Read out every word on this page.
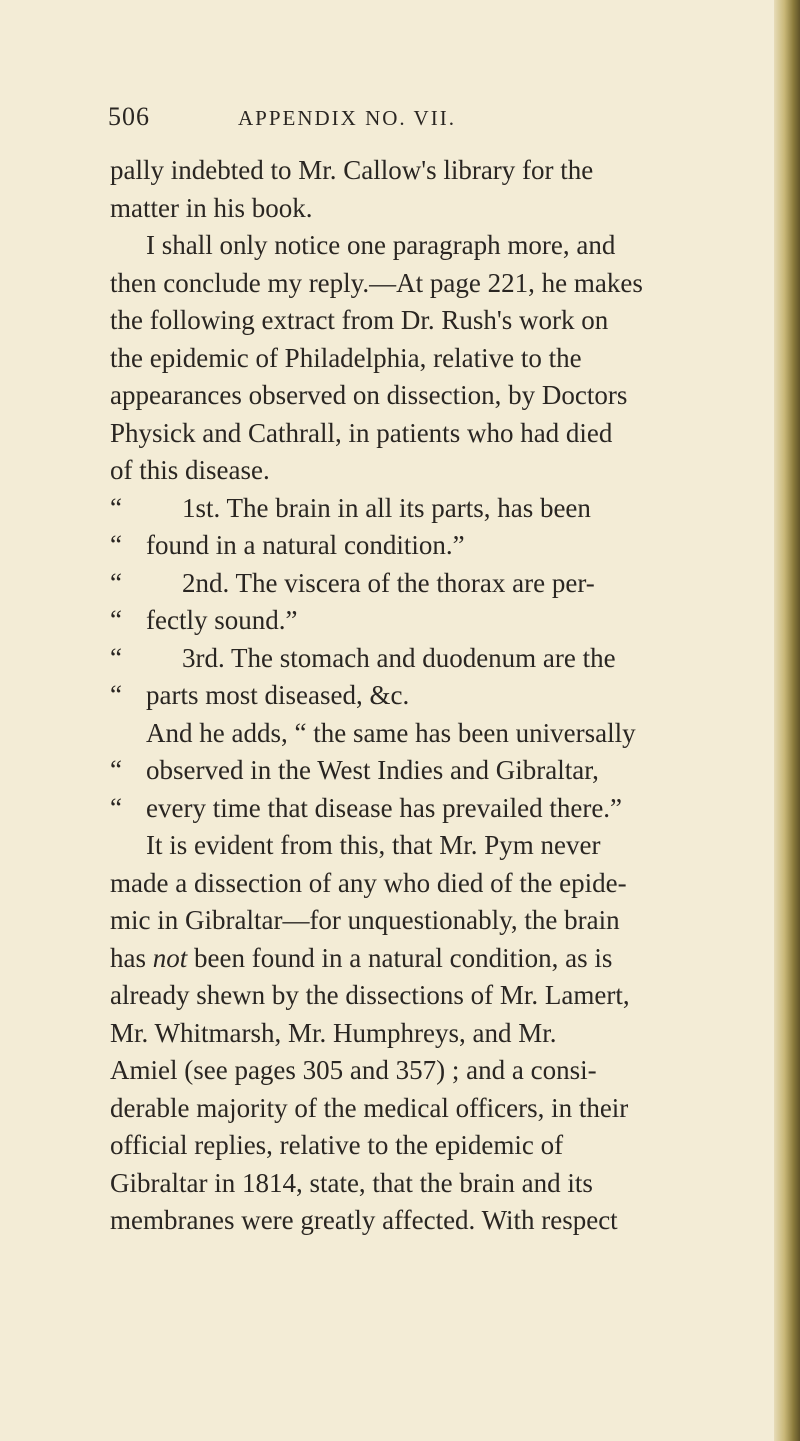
506	APPENDIX NO. VII.
pally indebted to Mr. Callow's library for the
matter in his book.
I shall only notice one paragraph more, and
then conclude my reply.—At page 221, he makes
the following extract from Dr. Rush's work on
the epidemic of Philadelphia, relative to the
appearances observed on dissection, by Doctors
Physick and Cathrall, in patients who had died
of this disease.
“ 1st. The brain in all its parts, has been
“ found in a natural condition.”
“ 2nd. The viscera of the thorax are per-
“ fectly sound.”
“ 3rd. The stomach and duodenum are the
“ parts most diseased, &c.
And he adds, “ the same has been universally
“ observed in the West Indies and Gibraltar,
“ every time that disease has prevailed there.”
It is evident from this, that Mr. Pym never
made a dissection of any who died of the epide-
mic in Gibraltar—for unquestionably, the brain
has not been found in a natural condition, as is
already shewn by the dissections of Mr. Lamert,
Mr. Whitmarsh, Mr. Humphreys, and Mr.
Amiel (see pages 305 and 357) ; and a consi-
derable majority of the medical officers, in their
official replies, relative to the epidemic of
Gibraltar in 1814, state, that the brain and its
membranes were greatly affected. With respect
